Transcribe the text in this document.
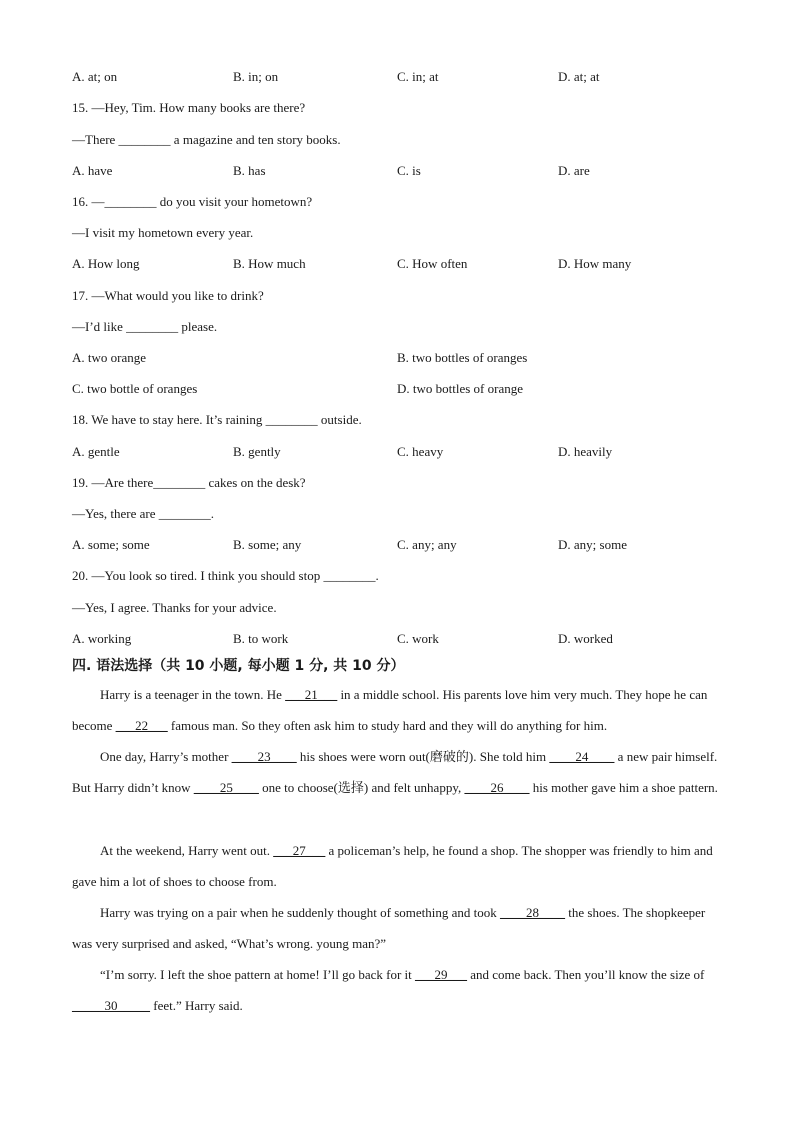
A. at; on	B. in; on	C. in; at	D. at; at
15. —Hey, Tim. How many books are there?
—There ________ a magazine and ten story books.
A. have	B. has	C. is	D. are
16. —________ do you visit your hometown?
—I visit my hometown every year.
A. How long	B. How much	C. How often	D. How many
17. —What would you like to drink?
—I’d like ________ please.
A. two orange	B. two bottles of oranges
C. two bottle of oranges	D. two bottles of orange
18. We have to stay here. It’s raining ________ outside.
A. gentle	B. gently	C. heavy	D. heavily
19. —Are there________ cakes on the desk?
—Yes, there are ________.
A. some; some	B. some; any	C. any; any	D. any; some
20. —You look so tired. I think you should stop ________.
—Yes, I agree. Thanks for your advice.
A. working	B. to work	C. work	D. worked
四. 语法选择（共 10 小题, 每小题 1 分, 共 10 分）
Harry is a teenager in the town. He ___21___ in a middle school. His parents love him very much. They hope he can become ___22___ famous man. So they often ask him to study hard and they will do anything for him.
One day, Harry’s mother ____23____ his shoes were worn out(磨破的). She told him ____24____ a new pair himself. But Harry didn’t know ____25____ one to choose(选择) and felt unhappy, ____26____ his mother gave him a shoe pattern.
At the weekend, Harry went out. ___27___ a policeman’s help, he found a shop. The shopper was friendly to him and gave him a lot of shoes to choose from.
Harry was trying on a pair when he suddenly thought of something and took ____28____ the shoes. The shopkeeper was very surprised and asked, “What’s wrong. young man?”
“I’m sorry. I left the shoe pattern at home! I’ll go back for it ___29___ and come back. Then you’ll know the size of _____30_____ feet.” Harry said.
